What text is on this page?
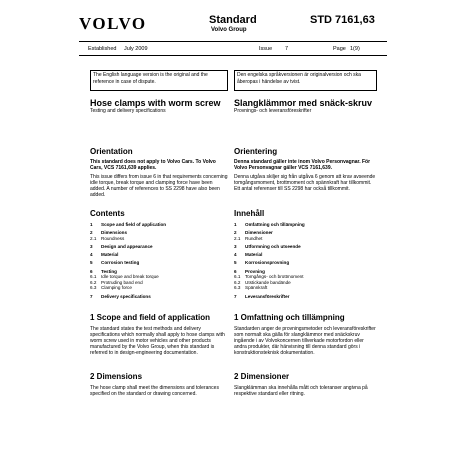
VOLVO	Standard
Volvo Group
STD 7161,63
Established July 2009	Issue 7	Page 1(9)
The English language version is the original and the reference in case of dispute.
Den engelska språkversionen är originalversion och ska åberopas i händelse av tvist.
Hose clamps with worm screw
Testing and delivery specifications
Slangklämmor med snäck-skruv
Provnings- och leveransföreskrifter
Orientation
This standard does not apply to Volvo Cars. To Volvo Cars, VCS 7161,639 applies.
This issue differs from issue 6 in that requirements concerning idle torque, break torque and clamping force have been added. A number of references to SS 2298 have also been added.
Orientering
Denna standard gäller inte inom Volvo Personvagnar. För Volvo Personvagnar gäller VCS 7161,639.
Denna utgåva skiljer sig från utgåva 6 genom att krav avseende tomgångsmoment, brottmoment och spännkraft har tillkommit. Ett antal referenser till SS 2298 har också tillkommit.
Contents	Innehåll
1	Scope and field of application
2	Dimensions
2.1	Roundness
3	Design and appearance
4	Material
5	Corrosion testing
6	Testing
6.1	Idle torque and break torque
6.2	Protruding band end
6.3	Clamping force
7	Delivery specifications
1	Omfattning och tillämpning
2	Dimensioner
2.1	Rundhet
3	Utformning och utseende
4	Material
5	Korrosionsprovning
6	Provning
6.1	Tomgångs- och brottmoment
6.2	Utstickande bandände
6.3	Spännkraft
7	Leveransföreskrifter
1 Scope and field of application
The standard states the test methods and delivery specifications which normally shall apply to hose clamps with worm screw used in motor vehicles and other products manufactured by the Volvo Group, when this standard is referred to in design-engineering documentation.
1 Omfattning och tillämpning
Standarden anger de provningsmetoder och leveransföreskrifter som normalt ska gälla för slangklämmor med snäckskruv ingående i av Volvokoncernen tillverkade motorfordon eller andra produkter, där hänvisning till denna standard görs i konstruktionsteknisk dokumentation.
2 Dimensions
The hose clamp shall meet the dimensions and tolerances specified on the standard or drawing concerned.
2 Dimensioner
Slangklämman ska innehålla mått och toleranser angivna på respektive standard eller ritning.
